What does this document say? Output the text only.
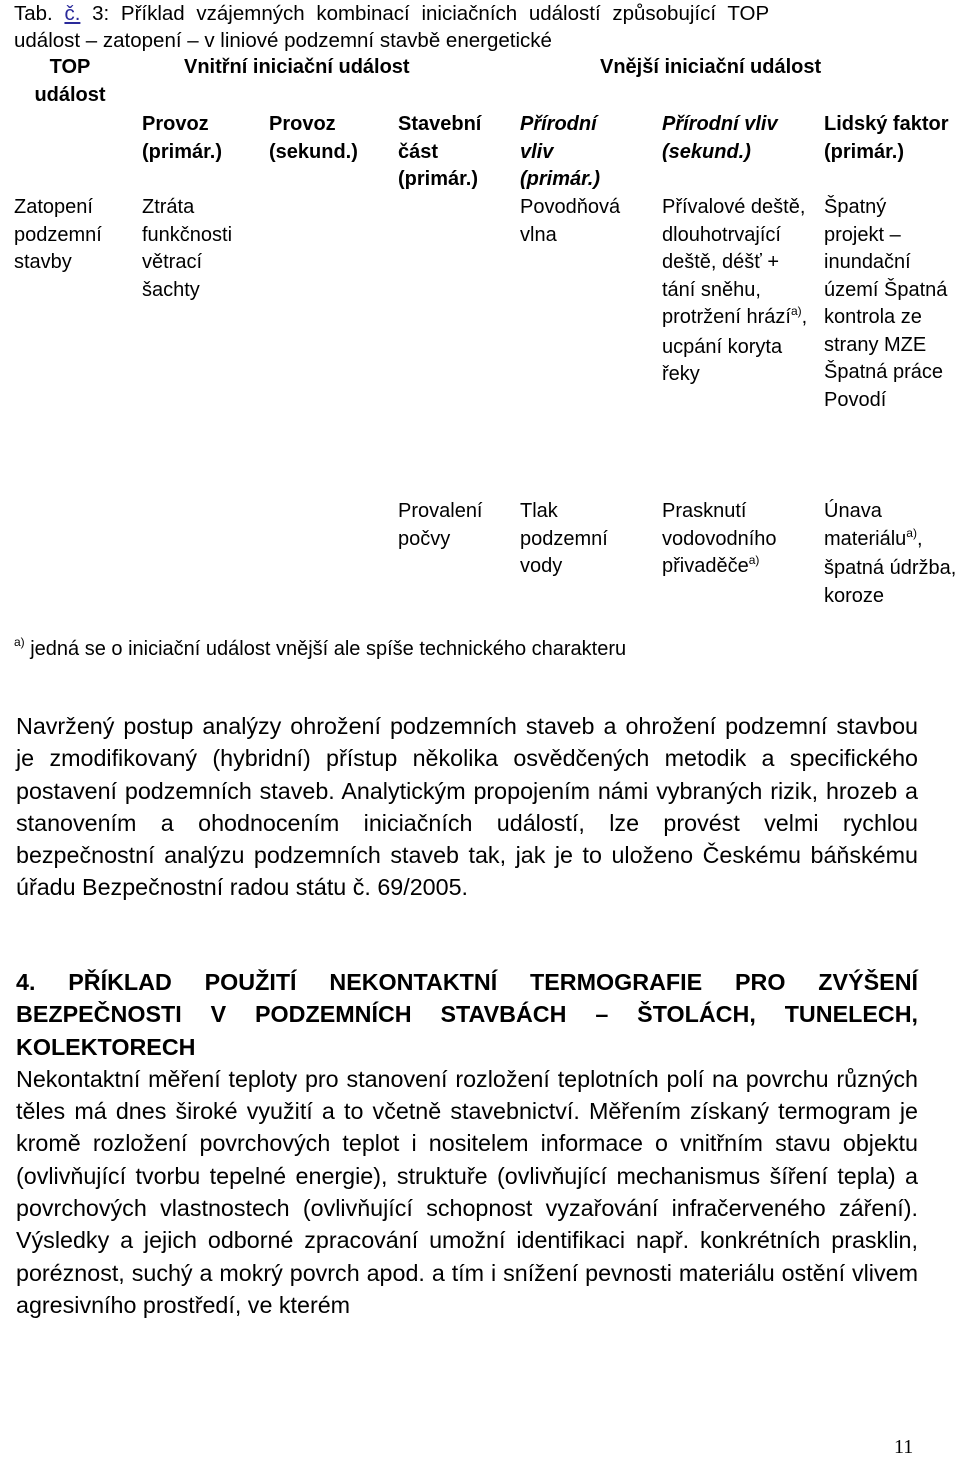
Tab. č. 3: Příklad vzájemných kombinací iniciačních událostí způsobující TOP
událost – zatopení – v liniové podzemní stavbě energetické
TOP událost
Vnitřní iniciační událost	Vnější iniciační událost
Provoz (primár.)
Provoz (sekund.)
Stavební část (primár.)
Přírodní vliv (primár.)
Přírodní vliv (sekund.)
Lidský faktor (primár.)
Zatopení podzemní stavby
Ztráta funkčnosti větrací šachty
Povodňová vlna
Přívalové deště, dlouhotrvající deště, déšť + tání sněhu, protržení hrází$^{a)}$, ucpání koryta řeky
Špatný projekt – inundační území Špatná kontrola ze strany MZE Špatná práce Povodí
Provalení počvy
Tlak podzemní vody
Prasknutí vodovodního přivaděče$^{a)}$
Únava materiálu$^{a)}$, špatná údržba, koroze
$^{a)}$ jedná se o iniciační událost vnější ale spíše technického charakteru

Navržený postup analýzy ohrožení podzemních staveb a ohrožení podzemní stavbou je zmodifikovaný (hybridní) přístup několika osvědčených metodik a specifického postavení podzemních staveb. Analytickým propojením námi vybraných rizik, hrozeb a stanovením a ohodnocením iniciačních událostí, lze provést velmi rychlou bezpečnostní analýzu podzemních staveb tak, jak je to uloženo Českému báňskému úřadu Bezpečnostní radou státu č. 69/2005.

4. PŘÍKLAD POUŽITÍ NEKONTAKTNÍ TERMOGRAFIE PRO ZVÝŠENÍ BEZPEČNOSTI V PODZEMNÍCH STAVBÁCH – ŠTOLÁCH, TUNELECH, KOLEKTORECH

Nekontaktní měření teploty pro stanovení rozložení teplotních polí na povrchu různých těles má dnes široké využití a to včetně stavebnictví. Měřením získaný termogram je kromě rozložení povrchových teplot i nositelem informace o vnitřním stavu objektu (ovlivňující tvorbu tepelné energie), struktuře (ovlivňující mechanismus šíření tepla) a povrchových vlastnostech (ovlivňující schopnost vyzařování infračerveného záření). Výsledky a jejich odborné zpracování umožní identifikaci např. konkrétních prasklin, poréznost, suchý a mokrý povrch apod. a tím i snížení pevnosti materiálu ostění vlivem agresivního prostředí, ve kterém

11
